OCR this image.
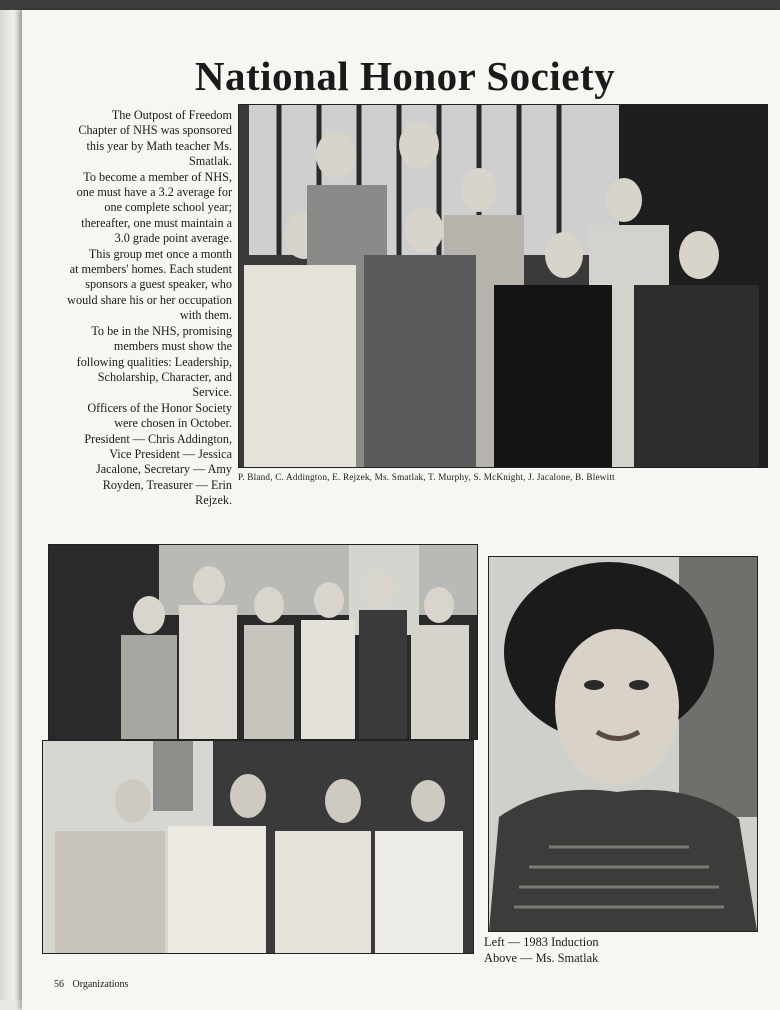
National Honor Society

The Outpost of Freedom Chapter of NHS was sponsored this year by Math teacher Ms. Smatlak.

To become a member of NHS, one must have a 3.2 average for one complete school year; thereafter, one must maintain a 3.0 grade point average.

This group met once a month at members' homes. Each student sponsors a guest speaker, who would share his or her occupation with them.

To be in the NHS, promising members must show the following qualities: Leadership, Scholarship, Character, and Service.

Officers of the Honor Society were chosen in October. President — Chris Addington, Vice President — Jessica Jacalone, Secretary — Amy Royden, Treasurer — Erin Rejzek.

P. Bland, C. Addington, E. Rejzek, Ms. Smatlak, T. Murphy, S. McKnight, J. Jacalone, B. Blewitt
Left — 1983 Induction
Above — Ms. Smatlak
56 Organizations
